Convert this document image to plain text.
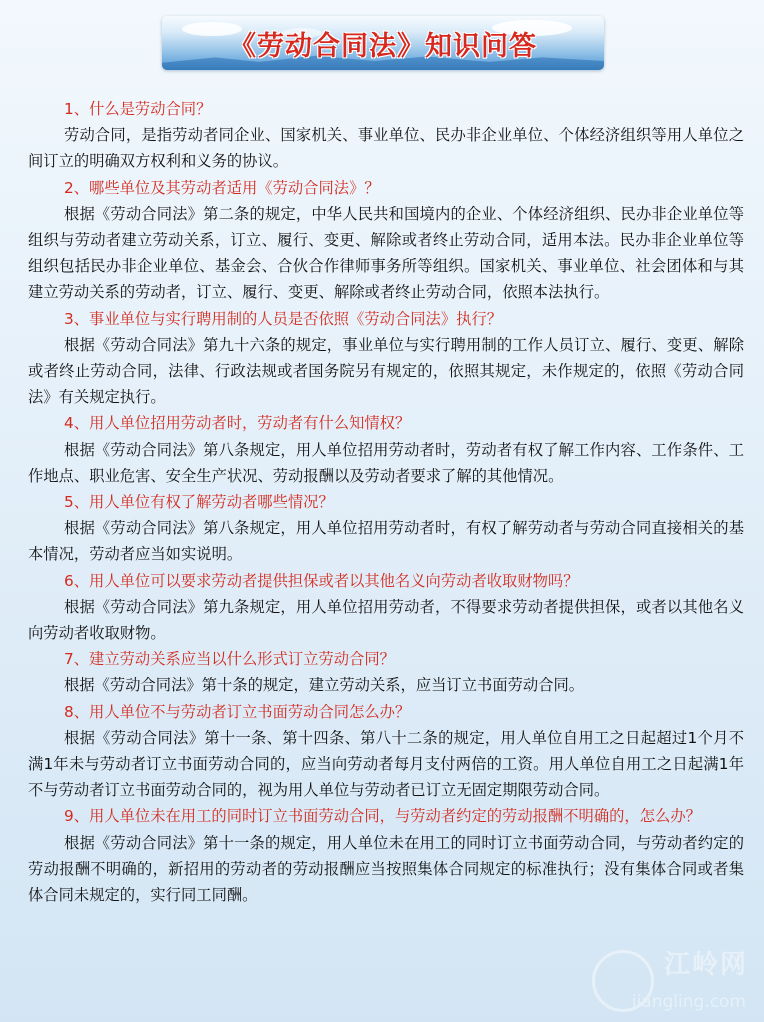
《劳动合同法》知识问答

1、什么是劳动合同？

劳动合同，是指劳动者同企业、国家机关、事业单位、民办非企业单位、个体经济组织等用人单位之间订立的明确双方权利和义务的协议。

2、哪些单位及其劳动者适用《劳动合同法》？

根据《劳动合同法》第二条的规定，中华人民共和国境内的企业、个体经济组织、民办非企业单位等组织与劳动者建立劳动关系，订立、履行、变更、解除或者终止劳动合同，适用本法。民办非企业单位等组织包括民办非企业单位、基金会、合伙合作律师事务所等组织。国家机关、事业单位、社会团体和与其建立劳动关系的劳动者，订立、履行、变更、解除或者终止劳动合同，依照本法执行。

3、事业单位与实行聘用制的人员是否依照《劳动合同法》执行？

根据《劳动合同法》第九十六条的规定，事业单位与实行聘用制的工作人员订立、履行、变更、解除或者终止劳动合同，法律、行政法规或者国务院另有规定的，依照其规定，未作规定的，依照《劳动合同法》有关规定执行。

4、用人单位招用劳动者时，劳动者有什么知情权？

根据《劳动合同法》第八条规定，用人单位招用劳动者时，劳动者有权了解工作内容、工作条件、工作地点、职业危害、安全生产状况、劳动报酬以及劳动者要求了解的其他情况。

5、用人单位有权了解劳动者哪些情况？

根据《劳动合同法》第八条规定，用人单位招用劳动者时，有权了解劳动者与劳动合同直接相关的基本情况，劳动者应当如实说明。

6、用人单位可以要求劳动者提供担保或者以其他名义向劳动者收取财物吗？

根据《劳动合同法》第九条规定，用人单位招用劳动者，不得要求劳动者提供担保，或者以其他名义向劳动者收取财物。

7、建立劳动关系应当以什么形式订立劳动合同？

根据《劳动合同法》第十条的规定，建立劳动关系，应当订立书面劳动合同。

8、用人单位不与劳动者订立书面劳动合同怎么办？

根据《劳动合同法》第十一条、第十四条、第八十二条的规定，用人单位自用工之日起超过1个月不满1年未与劳动者订立书面劳动合同的，应当向劳动者每月支付两倍的工资。用人单位自用工之日起满1年不与劳动者订立书面劳动合同的，视为用人单位与劳动者已订立无固定期限劳动合同。

9、用人单位未在用工的同时订立书面劳动合同，与劳动者约定的劳动报酬不明确的，怎么办？

根据《劳动合同法》第十一条的规定，用人单位未在用工的同时订立书面劳动合同，与劳动者约定的劳动报酬不明确的，新招用的劳动者的劳动报酬应当按照集体合同规定的标准执行；没有集体合同或者集体合同未规定的，实行同工同酬。

江岭网
jiangling.com
